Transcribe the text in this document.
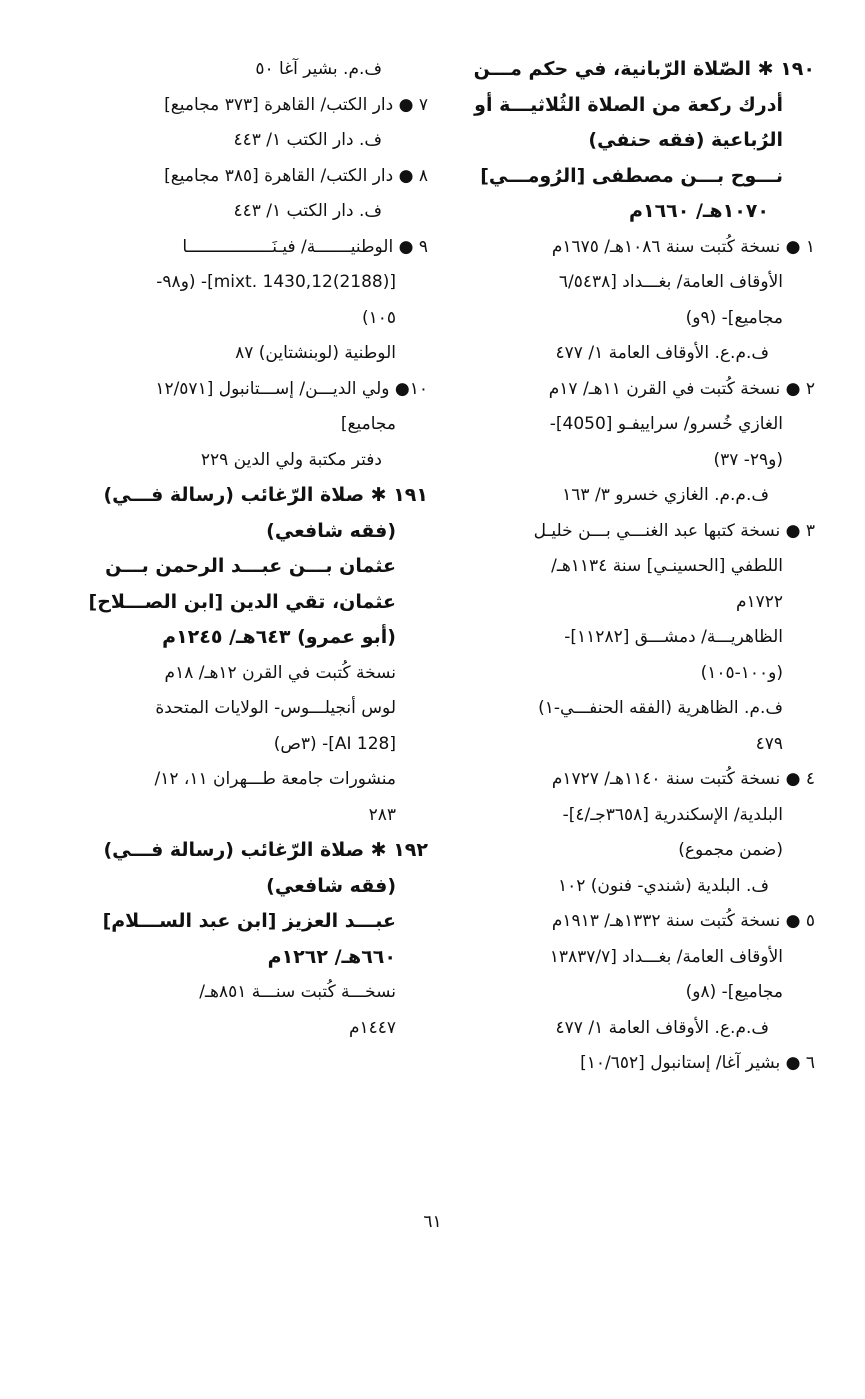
١٩٠ ✱ الصّلاة الرّبانية، في حكم مـــن
أدرك ركعة من الصلاة الثُلاثيـــة أو
الرُباعية (فقه حنفي)
نـــوح بـــن مصطفى [الرُومـــي]
١٠٧٠هـ/ ١٦٦٠م
١ ● نسخة كُتبت سنة ١٠٨٦هـ/ ١٦٧٥م
الأوقاف العامة/ بغـــداد [٦/٥٤٣٨
مجاميع]- (٩و)
ف.م.ع. الأوقاف العامة ١/ ٤٧٧
٢ ● نسخة كُتبت في القرن ١١هـ/ ١٧م
الغازي خُسرو/ سراييفـو [4050]-
(و٢٩- ٣٧)
ف.م.م. الغازي خسرو ٣/ ١٦٣
٣ ● نسخة كتبها عبد الغنـــي بـــن خليـل
اللطفي [الحسينـي] سنة ١١٣٤هـ/
١٧٢٢م
الظاهريـــة/ دمشـــق [١١٢٨٢]-
(و١٠٠-١٠٥)
ف.م. الظاهرية (الفقه الحنفـــي-١)
٤٧٩
٤ ● نسخة كُتبت سنة ١١٤٠هـ/ ١٧٢٧م
البلدية/ الإسكندرية [٣٦٥٨جـ/٤]-
(ضمن مجموع)
ف. البلدية (شندي- فنون) ١٠٢
٥ ● نسخة كُتبت سنة ١٣٣٢هـ/ ١٩١٣م
الأوقاف العامة/ بغـــداد [١٣٨٣٧/٧
مجاميع]- (٨و)
ف.م.ع. الأوقاف العامة ١/ ٤٧٧
٦ ● بشير آغا/ إستانبول [١٠/٦٥٢]
ف.م. بشير آغا ٥٠
٧ ● دار الكتب/ القاهرة [٣٧٣ مجاميع]
ف. دار الكتب ١/ ٤٤٣
٨ ● دار الكتب/ القاهرة [٣٨٥ مجاميع]
ف. دار الكتب ١/ ٤٤٣
٩ ● الوطنيـــــــة/ فيـنَـــــــــــــــــا
[(2188)mixt. 1430,12]- (و٩٨-
١٠٥)
الوطنية (لوبنشتاين) ٨٧
١٠● ولي الديـــن/ إســـتانبول [١٢/٥٧١
مجاميع]
دفتر مكتبة ولي الدين ٢٢٩
١٩١ ✱ صلاة الرّغائب (رسالة فـــي)
(فقه شافعي)
عثمان بـــن عبـــد الرحمن بـــن
عثمان، تقي الدين [ابن الصـــلاح]
(أبو عمرو) ٦٤٣هـ/ ١٢٤٥م
نسخة كُتبت في القرن ١٢هـ/ ١٨م
لوس أنجيلـــوس- الولايات المتحدة
[AI 128]- (٣ص)
منشورات جامعة طـــهران ١١، ١٢/
٢٨٣
١٩٢ ✱ صلاة الرّغائب (رسالة فـــي)
(فقه شافعي)
عبـــد العزيز [ابن عبد الســـلام]
٦٦٠هـ/ ١٢٦٢م
نسخـــة كُتبت سنـــة ٨٥١هـ/
١٤٤٧م
٦١
